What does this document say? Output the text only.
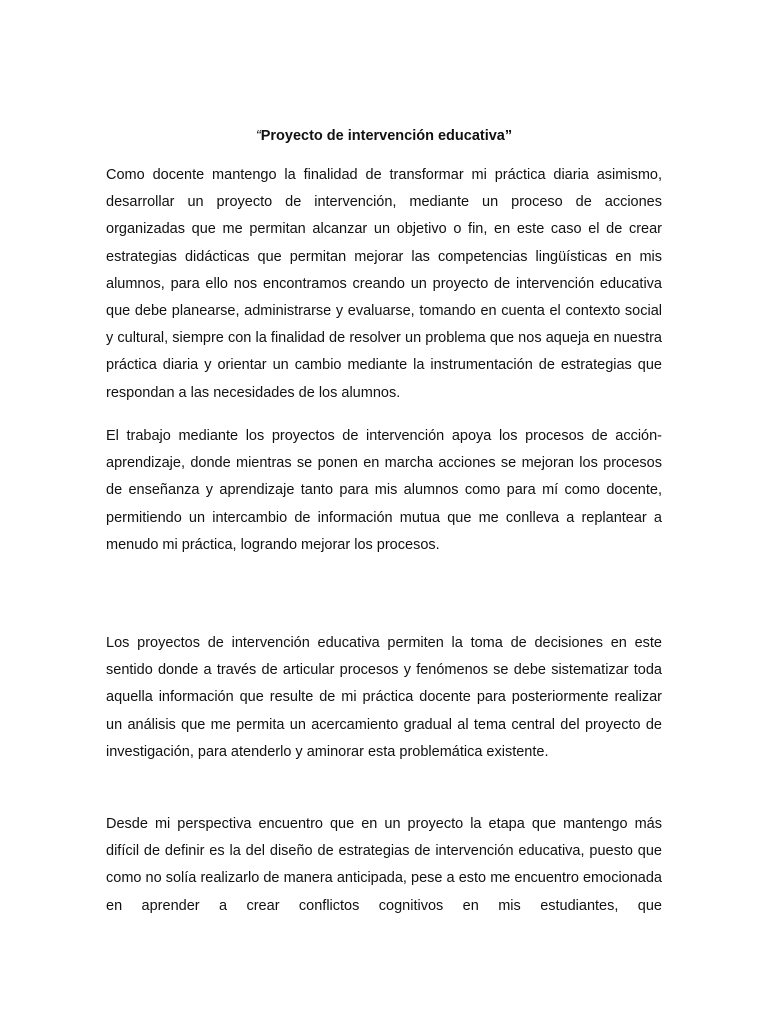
“Proyecto de intervención educativa”

Como docente mantengo la finalidad de transformar mi práctica diaria asimismo, desarrollar un proyecto de intervención, mediante un proceso de acciones organizadas que me permitan alcanzar un objetivo o fin, en este caso el de crear estrategias didácticas que permitan mejorar las competencias lingüísticas en mis alumnos, para ello nos encontramos creando un proyecto de intervención educativa que debe planearse, administrarse y evaluarse, tomando en cuenta el contexto social y cultural, siempre con la finalidad de resolver un problema que nos aqueja en nuestra práctica diaria y orientar un cambio mediante la instrumentación de estrategias que respondan a las necesidades de los alumnos.

El trabajo mediante los proyectos de intervención apoya los procesos de acción-aprendizaje, donde mientras se ponen en marcha acciones se mejoran los procesos de enseñanza y aprendizaje tanto para mis alumnos como para mí como docente, permitiendo un intercambio de información mutua que me conlleva a replantear a menudo mi práctica, logrando mejorar los procesos.

Los proyectos de intervención educativa permiten la toma de decisiones en este sentido donde a través de articular procesos y fenómenos se debe sistematizar toda aquella información que resulte de mi práctica docente para posteriormente realizar un análisis que me permita un acercamiento gradual al tema central del proyecto de investigación, para atenderlo y aminorar esta problemática existente.

Desde mi perspectiva encuentro que en un proyecto la etapa que mantengo más difícil de definir es la del diseño de estrategias de intervención educativa, puesto que como no solía realizarlo de manera anticipada, pese a esto me encuentro emocionada en aprender a crear conflictos cognitivos en mis estudiantes, que
